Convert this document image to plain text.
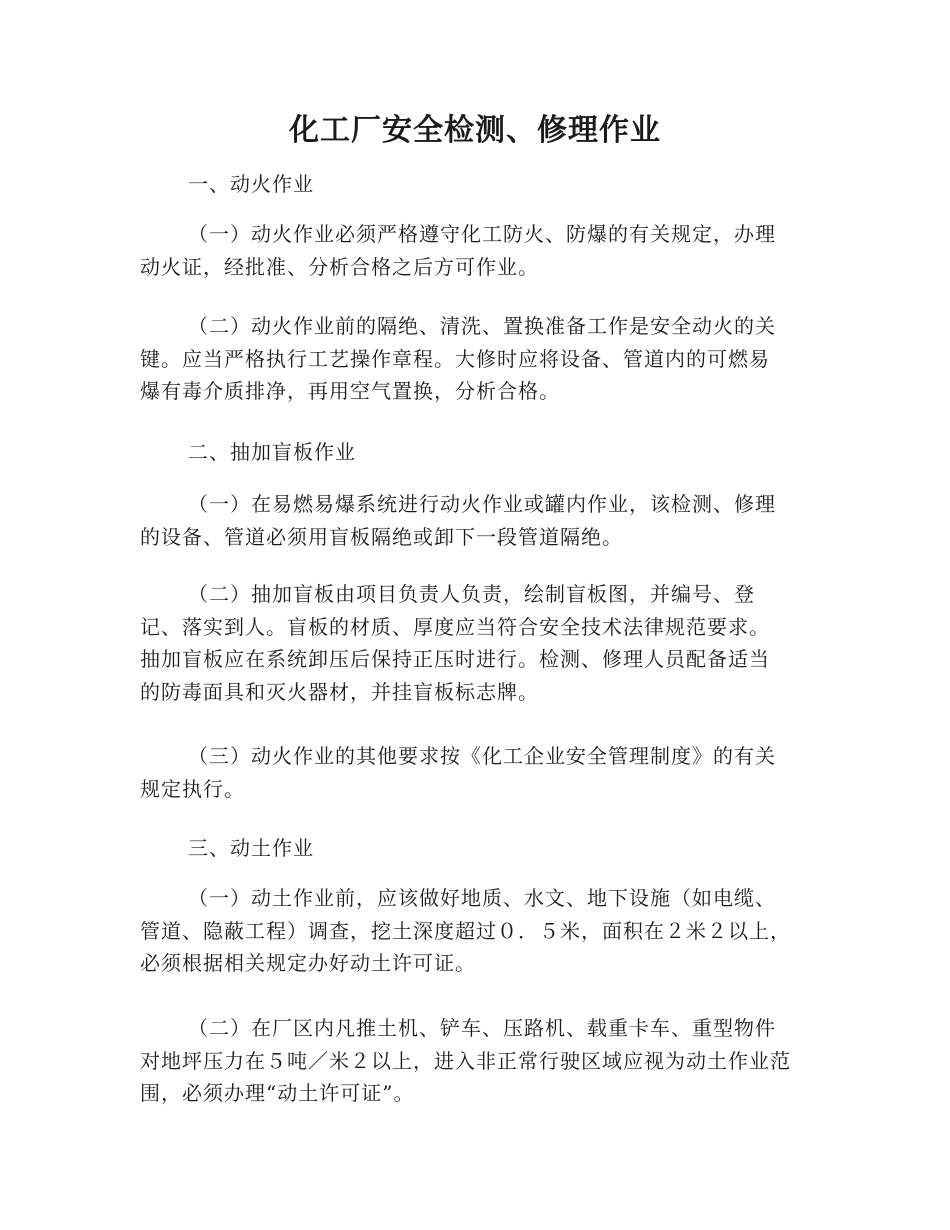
化工厂安全检测、修理作业
一、动火作业
（一）动火作业必须严格遵守化工防火、防爆的有关规定，办理
动火证，经批准、分析合格之后方可作业。
（二）动火作业前的隔绝、清洗、置换准备工作是安全动火的关
键。应当严格执行工艺操作章程。大修时应将设备、管道内的可燃易
爆有毒介质排净，再用空气置换，分析合格。
二、抽加盲板作业
（一）在易燃易爆系统进行动火作业或罐内作业，该检测、修理
的设备、管道必须用盲板隔绝或卸下一段管道隔绝。
（二）抽加盲板由项目负责人负责，绘制盲板图，并编号、登
记、落实到人。盲板的材质、厚度应当符合安全技术法律规范要求。
抽加盲板应在系统卸压后保持正压时进行。检测、修理人员配备适当
的防毒面具和灭火器材，并挂盲板标志牌。
（三）动火作业的其他要求按《化工企业安全管理制度》的有关
规定执行。
三、动土作业
（一）动土作业前，应该做好地质、水文、地下设施（如电缆、
管道、隐蔽工程）调查，挖土深度超过０．５米，面积在２米２以上，
必须根据相关规定办好动土许可证。
（二）在厂区内凡推土机、铲车、压路机、载重卡车、重型物件
对地坪压力在５吨／米２以上，进入非正常行驶区域应视为动土作业范
围，必须办理“动土许可证”。
